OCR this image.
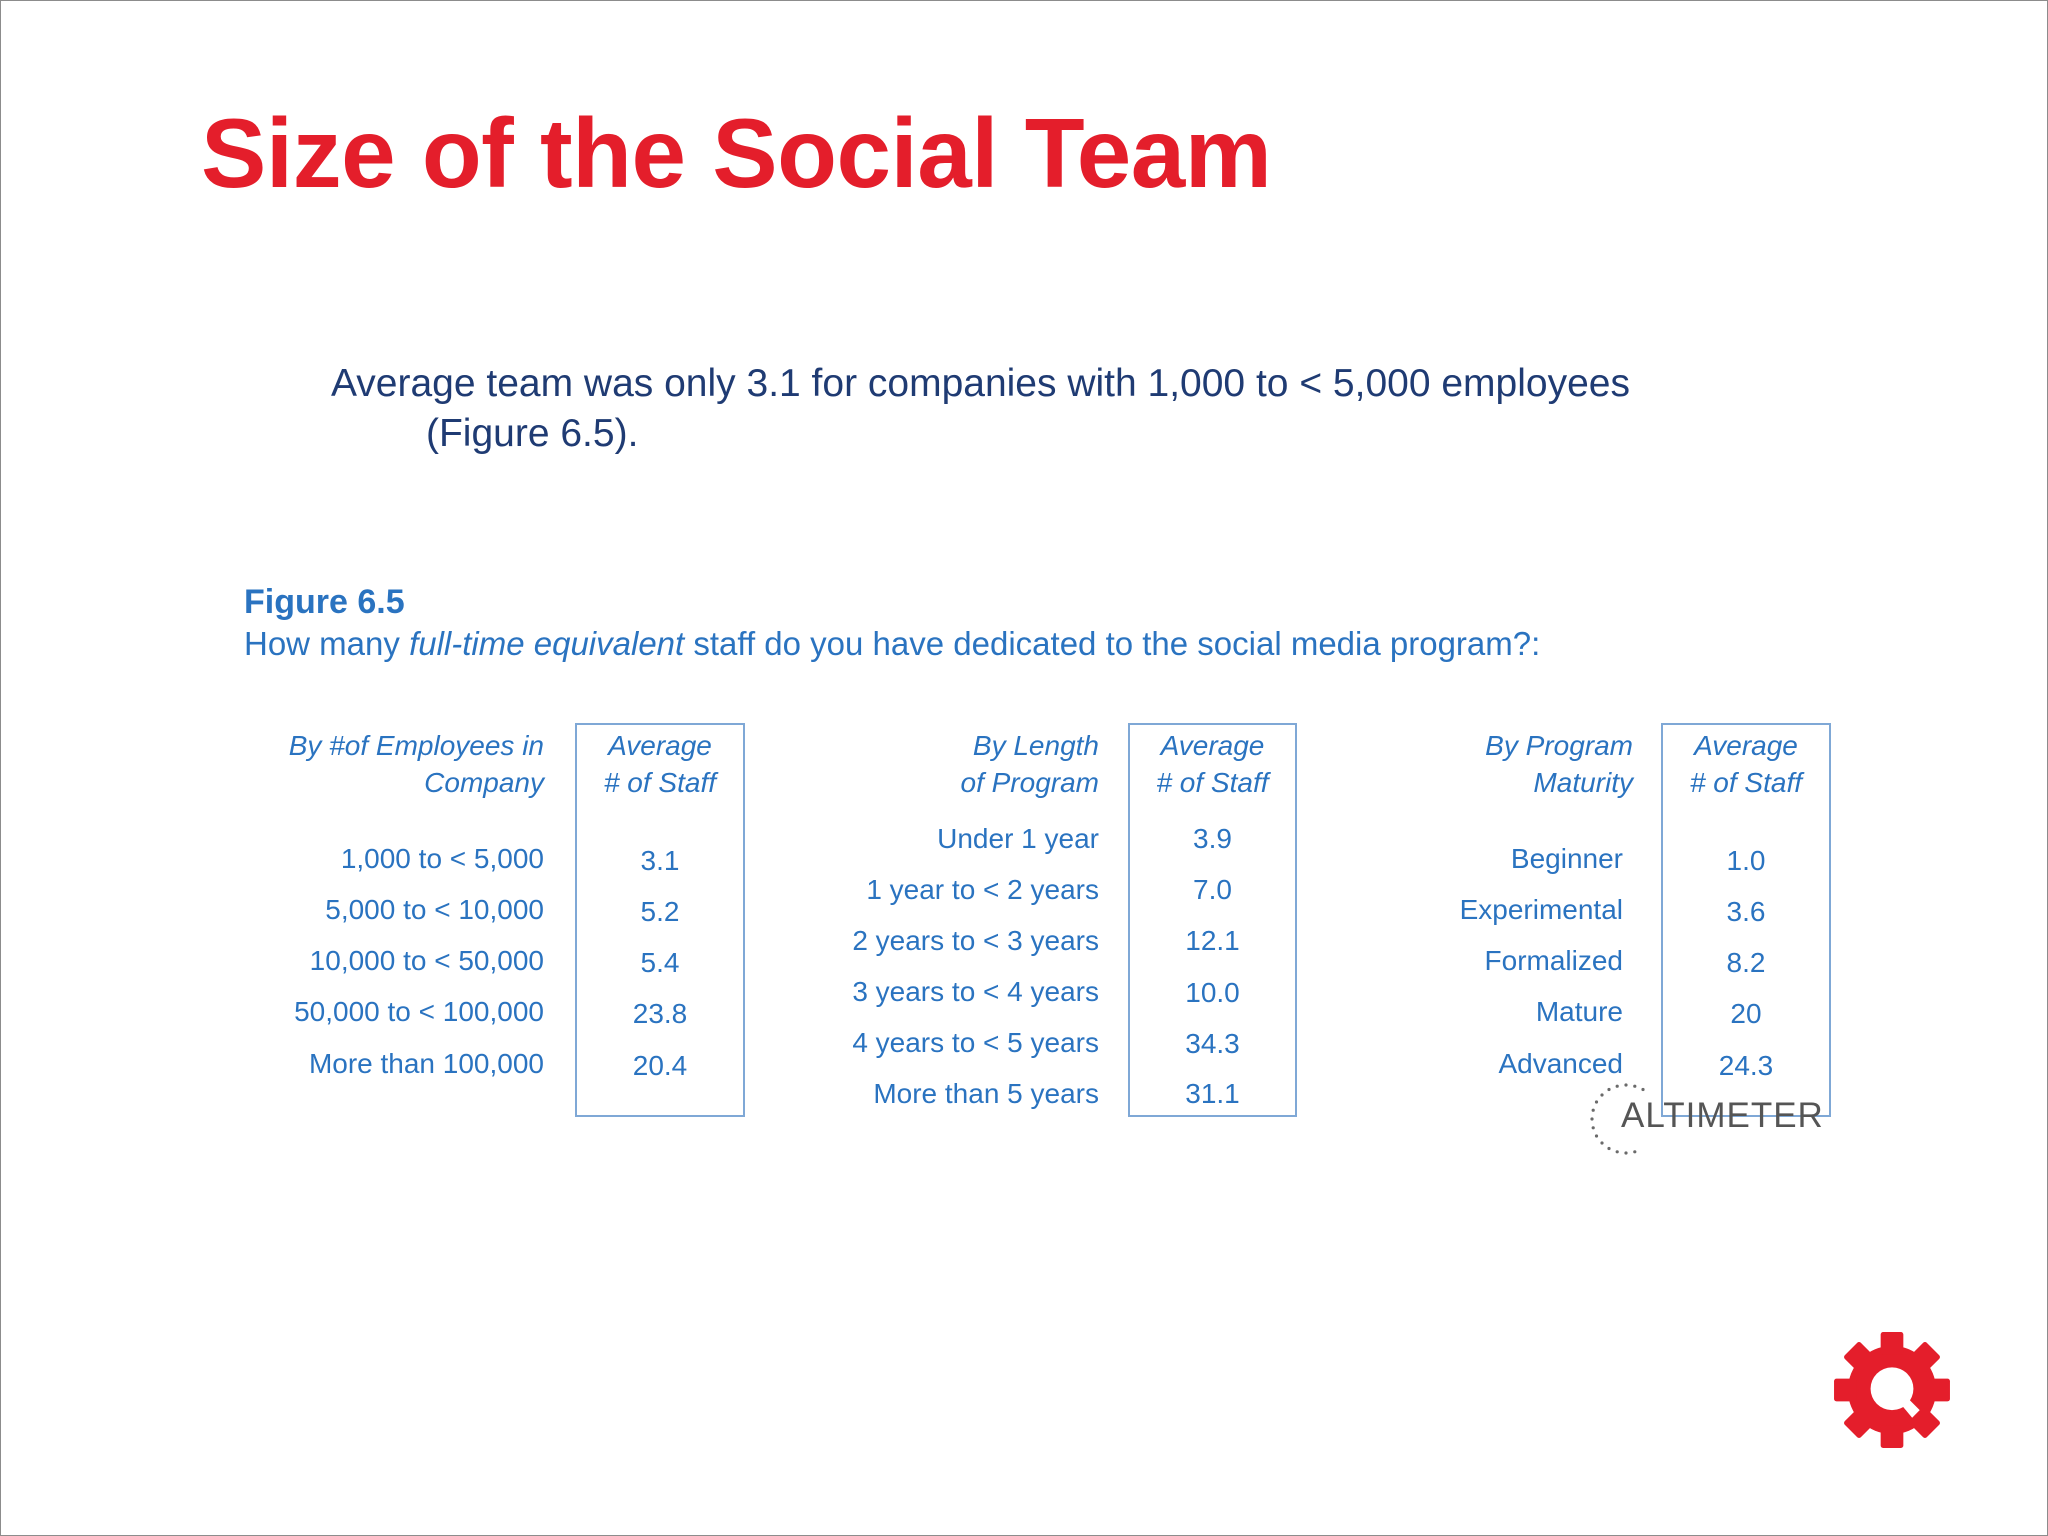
Size of the Social Team
Average team was only 3.1 for companies with 1,000 to < 5,000 employees
(Figure 6.5).
Figure 6.5
How many full-time equivalent staff do you have dedicated to the social media program?:
By #of Employees in
Company
Average
# of Staff
1,000 to < 5,000	3.1
5,000 to < 10,000	5.2
10,000 to < 50,000	5.4
50,000 to < 100,000	23.8
More than 100,000	20.4
By Length
of Program
Average
# of Staff
Under 1 year	3.9
1 year to < 2 years	7.0
2 years to < 3 years	12.1
3 years to < 4 years	10.0
4 years to < 5 years	34.3
More than 5 years	31.1
By Program
Maturity
Average
# of Staff
Beginner	1.0
Experimental	3.6
Formalized	8.2
Mature	20
Advanced	24.3
ALTIMETER
